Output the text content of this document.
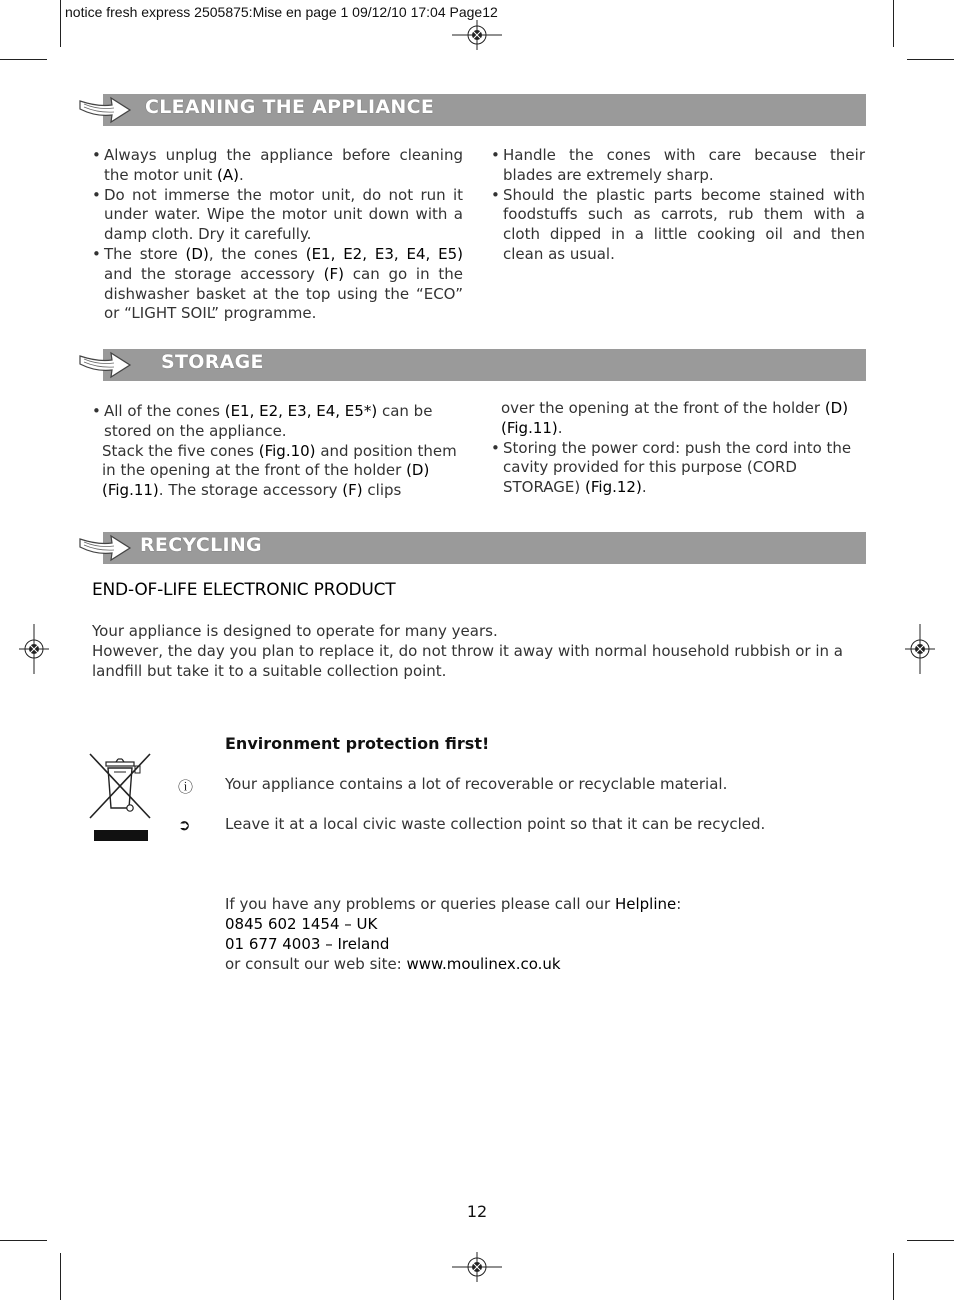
notice fresh express 2505875:Mise en page 1 09/12/10 17:04 Page12
CLEANING THE APPLIANCE

• Always unplug the appliance before cleaning the motor unit (A).

• Do not immerse the motor unit, do not run it under water. Wipe the motor unit down with a damp cloth. Dry it carefully.

• The store (D), the cones (E1, E2, E3, E4, E5) and the storage accessory (F) can go in the dishwasher basket at the top using the “ECO” or “LIGHT SOIL” programme.

• Handle the cones with care because their blades are extremely sharp.

• Should the plastic parts become stained with foodstuffs such as carrots, rub them with a cloth dipped in a little cooking oil and then clean as usual.

STORAGE

• All of the cones (E1, E2, E3, E4, E5*) can be stored on the appliance.

Stack the five cones (Fig.10) and position them in the opening at the front of the holder (D) (Fig.11). The storage accessory (F) clips

over the opening at the front of the holder (D) (Fig.11).

• Storing the power cord: push the cord into the cavity provided for this purpose (CORD STORAGE) (Fig.12).

RECYCLING
END-OF-LIFE ELECTRONIC PRODUCT
Your appliance is designed to operate for many years.
However, the day you plan to replace it, do not throw it away with normal household rubbish or in a landfill but take it to a suitable collection point.
Environment protection first!
ⓘ Your appliance contains a lot of recoverable or recyclable material.
➲ Leave it at a local civic waste collection point so that it can be recycled.
If you have any problems or queries please call our Helpline:
0845 602 1454 – UK
01 677 4003 – Ireland
or consult our web site: www.moulinex.co.uk
12
